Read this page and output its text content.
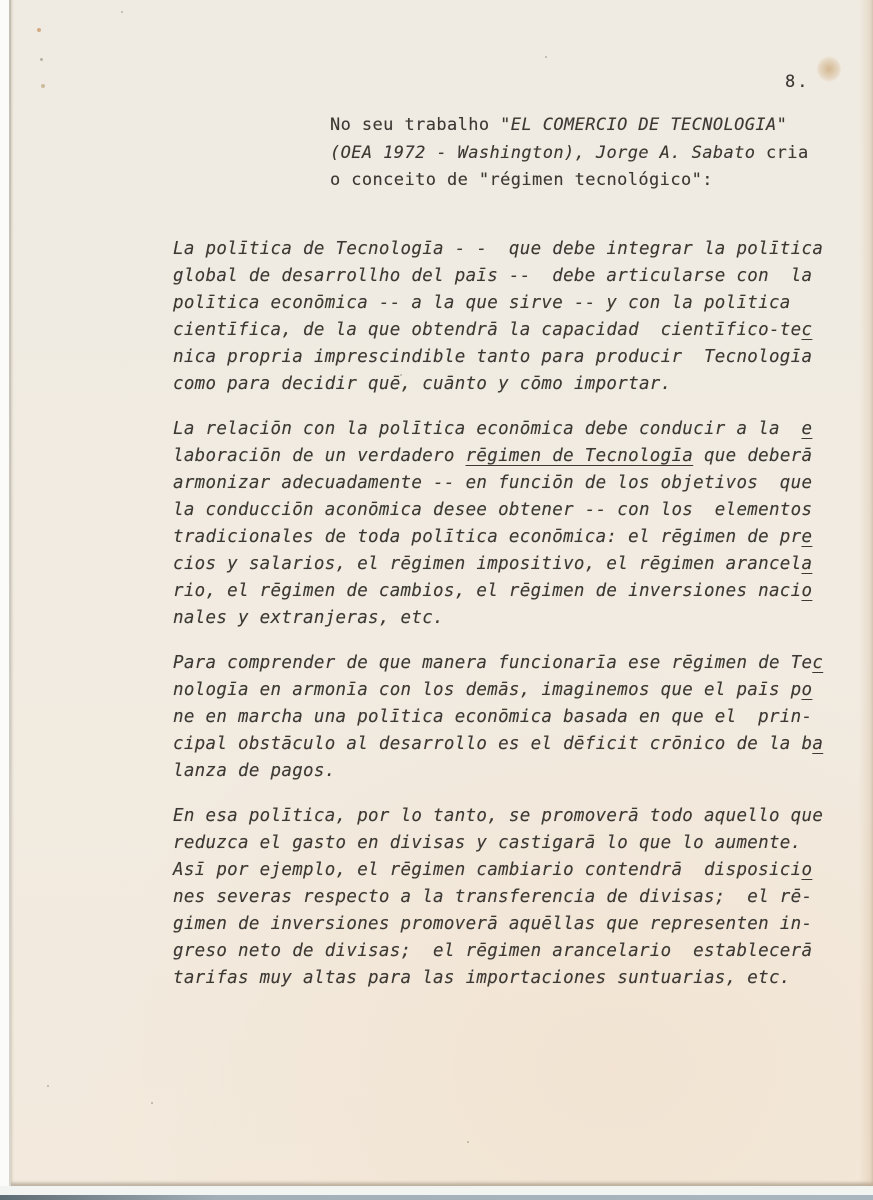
8.
No seu trabalho "EL COMERCIO DE TECNOLOGIA"
(OEA 1972 - Washington), Jorge A. Sabato cria
o conceito de "régimen tecnológico":
La polītica de Tecnologīa - -  que debe integrar la polītica
global de desarrollho del paīs --  debe articularse con  la
polītica econōmica -- a la que sirve -- y con la polītica
cientīfica, de la que obtendrā la capacidad  cientīfico-tec
nica propria imprescindible tanto para producir  Tecnologīa
como para decidir quē, cuānto y cōmo importar.
La relaciōn con la polītica econōmica debe conducir a la  e
laboraciōn de un verdadero rēgimen de Tecnologīa que deberā
armonizar adecuadamente -- en funciōn de los objetivos  que
la conducciōn aconōmica desee obtener -- con los  elementos
tradicionales de toda polītica econōmica: el rēgimen de pre
cios y salarios, el rēgimen impositivo, el rēgimen arancela
rio, el rēgimen de cambios, el rēgimen de inversiones nacio
nales y extranjeras, etc.
Para comprender de que manera funcionarīa ese rēgimen de Tec
nologīa en armonīa con los demās, imaginemos que el paīs po
ne en marcha una polītica econōmica basada en que el  prin-
cipal obstāculo al desarrollo es el dēficit crōnico de la ba
lanza de pagos.
En esa polītica, por lo tanto, se promoverā todo aquello que
reduzca el gasto en divisas y castigarā lo que lo aumente.
Asī por ejemplo, el rēgimen cambiario contendrā  disposicio
nes severas respecto a la transferencia de divisas;  el rē-
gimen de inversiones promoverā aquēllas que representen in-
greso neto de divisas;  el rēgimen arancelario  establecerā
tarifas muy altas para las importaciones suntuarias, etc.
